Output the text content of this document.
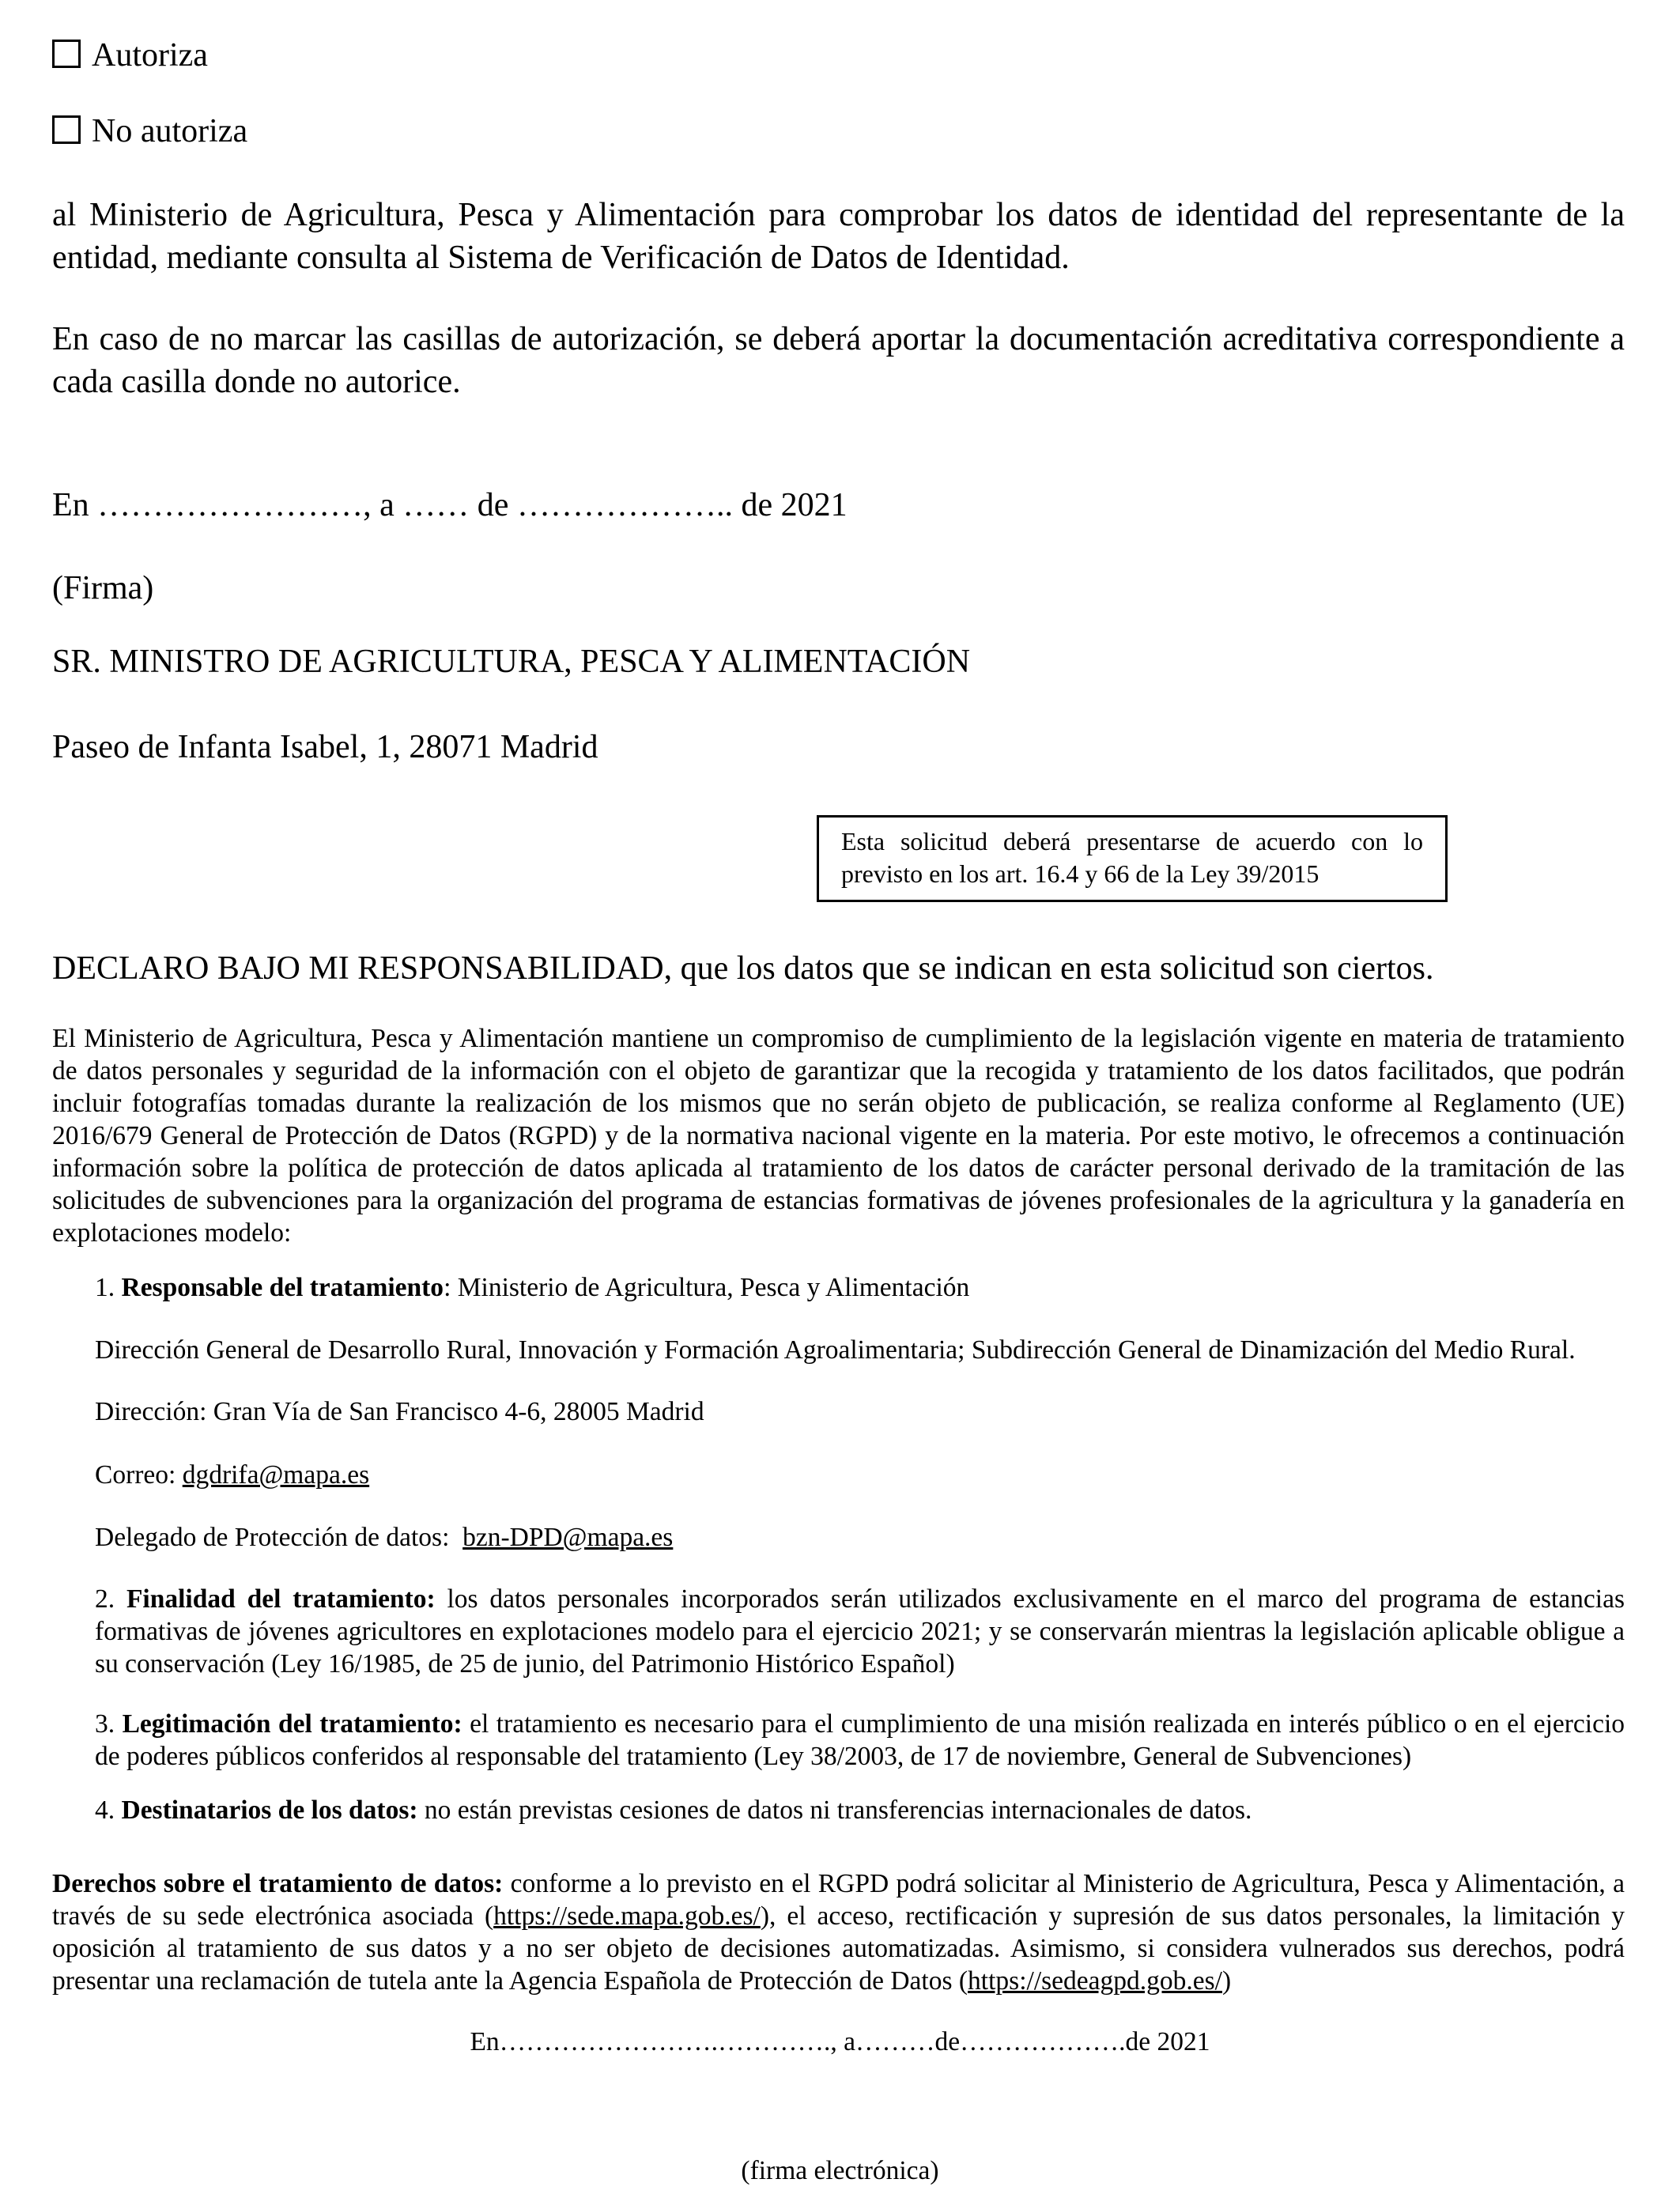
Autoriza
No autoriza
al Ministerio de Agricultura, Pesca y Alimentación para comprobar los datos de identidad del representante de la entidad, mediante consulta al Sistema de Verificación de Datos de Identidad.
En caso de no marcar las casillas de autorización, se deberá aportar la documentación acreditativa correspondiente a cada casilla donde no autorice.
En ……………………, a …… de ……………….. de 2021
(Firma)
SR. MINISTRO DE AGRICULTURA, PESCA Y ALIMENTACIÓN
Paseo de Infanta Isabel, 1, 28071 Madrid
Esta solicitud deberá presentarse de acuerdo con lo previsto en los art. 16.4 y 66 de la Ley 39/2015
DECLARO BAJO MI RESPONSABILIDAD, que los datos que se indican en esta solicitud son ciertos.
El Ministerio de Agricultura, Pesca y Alimentación mantiene un compromiso de cumplimiento de la legislación vigente en materia de tratamiento de datos personales y seguridad de la información con el objeto de garantizar que la recogida y tratamiento de los datos facilitados, que podrán incluir fotografías tomadas durante la realización de los mismos que no serán objeto de publicación, se realiza conforme al Reglamento (UE) 2016/679 General de Protección de Datos (RGPD) y de la normativa nacional vigente en la materia. Por este motivo, le ofrecemos a continuación información sobre la política de protección de datos aplicada al tratamiento de los datos de carácter personal derivado de la tramitación de las solicitudes de subvenciones para la organización del programa de estancias formativas de jóvenes profesionales de la agricultura y la ganadería en explotaciones modelo:
1. Responsable del tratamiento: Ministerio de Agricultura, Pesca y Alimentación
Dirección General de Desarrollo Rural, Innovación y Formación Agroalimentaria; Subdirección General de Dinamización del Medio Rural.
Dirección: Gran Vía de San Francisco 4-6, 28005 Madrid
Correo: dgdrifa@mapa.es
Delegado de Protección de datos:  bzn-DPD@mapa.es
2. Finalidad del tratamiento: los datos personales incorporados serán utilizados exclusivamente en el marco del programa de estancias formativas de jóvenes agricultores en explotaciones modelo para el ejercicio 2021; y se conservarán mientras la legislación aplicable obligue a su conservación (Ley 16/1985, de 25 de junio, del Patrimonio Histórico Español)
3. Legitimación del tratamiento: el tratamiento es necesario para el cumplimiento de una misión realizada en interés público o en el ejercicio de poderes públicos conferidos al responsable del tratamiento (Ley 38/2003, de 17 de noviembre, General de Subvenciones)
4. Destinatarios de los datos: no están previstas cesiones de datos ni transferencias internacionales de datos.
Derechos sobre el tratamiento de datos: conforme a lo previsto en el RGPD podrá solicitar al Ministerio de Agricultura, Pesca y Alimentación, a través de su sede electrónica asociada (https://sede.mapa.gob.es/), el acceso, rectificación y supresión de sus datos personales, la limitación y oposición al tratamiento de sus datos y a no ser objeto de decisiones automatizadas. Asimismo, si considera vulnerados sus derechos, podrá presentar una reclamación de tutela ante la Agencia Española de Protección de Datos (https://sedeagpd.gob.es/)
En…………………….…………., a………de……………….de 2021
(firma electrónica)
